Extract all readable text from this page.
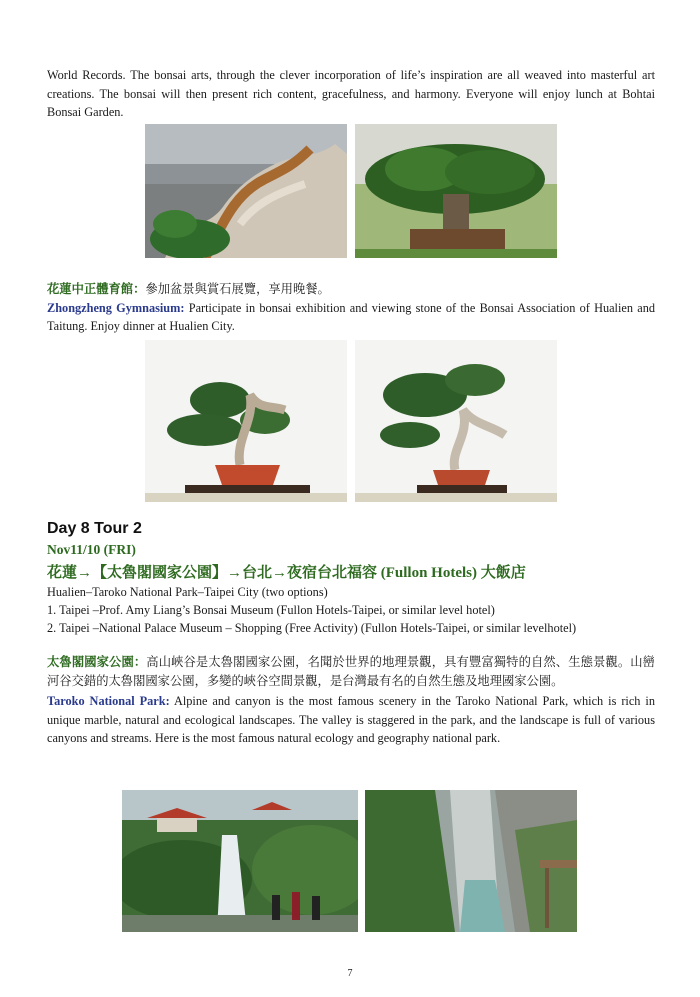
World Records. The bonsai arts, through the clever incorporation of life’s inspiration are all weaved into masterful art creations. The bonsai will then present rich content, gracefulness, and harmony. Everyone will enjoy lunch at Bohtai Bonsai Garden.

花蓮中正體育館：參加盆景與賞石展覽，享用晚餐。

Zhongzheng Gymnasium: Participate in bonsai exhibition and viewing stone of the Bonsai Association of Hualien and Taitung. Enjoy dinner at Hualien City.

Day 8 Tour 2
Nov11/10 (FRI)
花蓮→【太魯閣國家公園】→台北→夜宿台北福容 (Fullon Hotels) 大飯店
Hualien–Taroko National Park–Taipei City (two options)
1. Taipei –Prof. Amy Liang’s Bonsai Museum (Fullon Hotels-Taipei, or similar level hotel)
2. Taipei –National Palace Museum – Shopping (Free Activity) (Fullon Hotels-Taipei, or similar levelhotel)

太魯閣國家公園：高山峽谷是太魯閣國家公園，名聞於世界的地理景觀，具有豐富獨特的自然、生態景觀。山巒河谷交錯的太魯閣國家公園，多變的峽谷空間景觀，是台灣最有名的自然生態及地理國家公園。

Taroko National Park: Alpine and canyon is the most famous scenery in the Taroko National Park, which is rich in unique marble, natural and ecological landscapes. The valley is staggered in the park, and the landscape is full of various canyons and streams. Here is the most famous natural ecology and geography national park.

7
